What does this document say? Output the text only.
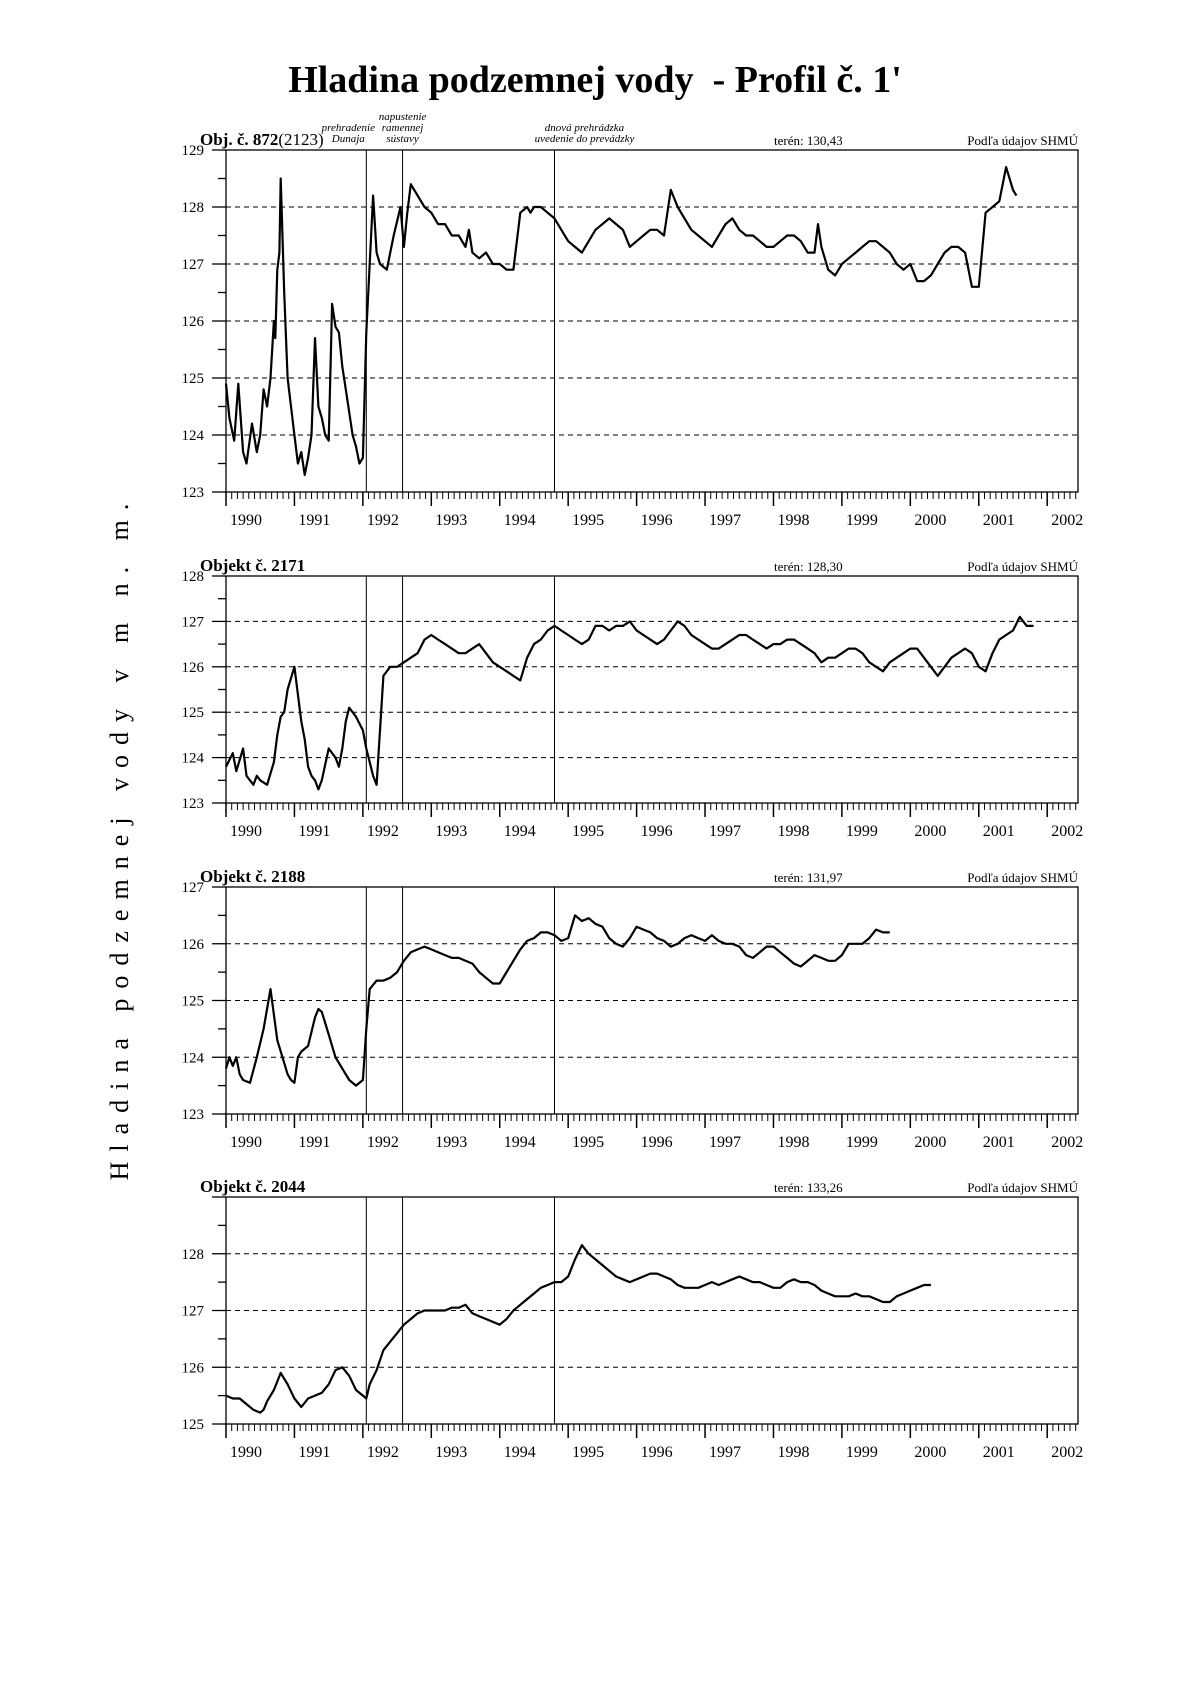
Hladina podzemnej vody  - Profil č. 1'
Hladina podzemnej vody v m n. m.
123
124
125
126
127
128
129
1990 1991 1992 1993 1994 1995 1996 1997 1998 1999 2000 2001 2002
Obj. č. 872(2123)	terén: 130,43	Podľa údajov SHMÚ
prehradenie
Dunaja
napustenie
ramennej
sústavy
dnová prehrádzka
uvedenie do prevádzky
123
124
125
126
127
128
1990 1991 1992 1993 1994 1995 1996 1997 1998 1999 2000 2001 2002
Objekt č. 2171	terén: 128,30	Podľa údajov SHMÚ
123
124
125
126
127
1990 1991 1992 1993 1994 1995 1996 1997 1998 1999 2000 2001 2002
Objekt č. 2188	terén: 131,97	Podľa údajov SHMÚ
125
126
127
128
1990 1991 1992 1993 1994 1995 1996 1997 1998 1999 2000 2001 2002
Objekt č. 2044	terén: 133,26	Podľa údajov SHMÚ
